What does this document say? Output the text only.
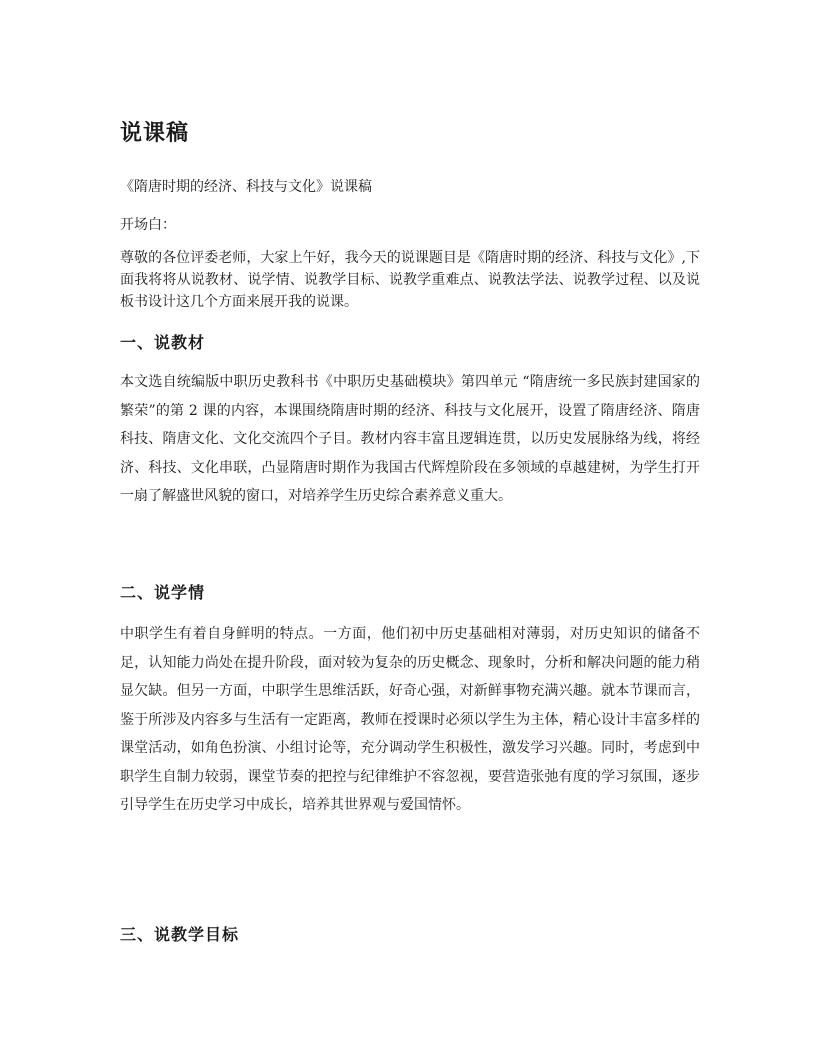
说课稿

《隋唐时期的经济、科技与文化》说课稿

开场白：

尊敬的各位评委老师，大家上午好，我今天的说课题目是《隋唐时期的经济、科技与文化》,下面我将将从说教材、说学情、说教学目标、说教学重难点、说教法学法、说教学过程、以及说板书设计这几个方面来展开我的说课。

一、说教材

本文选自统编版中职历史教科书《中职历史基础模块》第四单元 “隋唐统一多民族封建国家的繁荣”的第 2 课的内容，本课围绕隋唐时期的经济、科技与文化展开，设置了隋唐经济、隋唐科技、隋唐文化、文化交流四个子目。教材内容丰富且逻辑连贯，以历史发展脉络为线，将经济、科技、文化串联，凸显隋唐时期作为我国古代辉煌阶段在多领域的卓越建树，为学生打开一扇了解盛世风貌的窗口，对培养学生历史综合素养意义重大。

二、说学情

中职学生有着自身鲜明的特点。一方面，他们初中历史基础相对薄弱，对历史知识的储备不足，认知能力尚处在提升阶段，面对较为复杂的历史概念、现象时，分析和解决问题的能力稍显欠缺。但另一方面，中职学生思维活跃，好奇心强，对新鲜事物充满兴趣。就本节课而言，鉴于所涉及内容多与生活有一定距离，教师在授课时必须以学生为主体，精心设计丰富多样的课堂活动，如角色扮演、小组讨论等，充分调动学生积极性，激发学习兴趣。同时，考虑到中职学生自制力较弱，课堂节奏的把控与纪律维护不容忽视，要营造张弛有度的学习氛围，逐步引导学生在历史学习中成长，培养其世界观与爱国情怀。

三、说教学目标
